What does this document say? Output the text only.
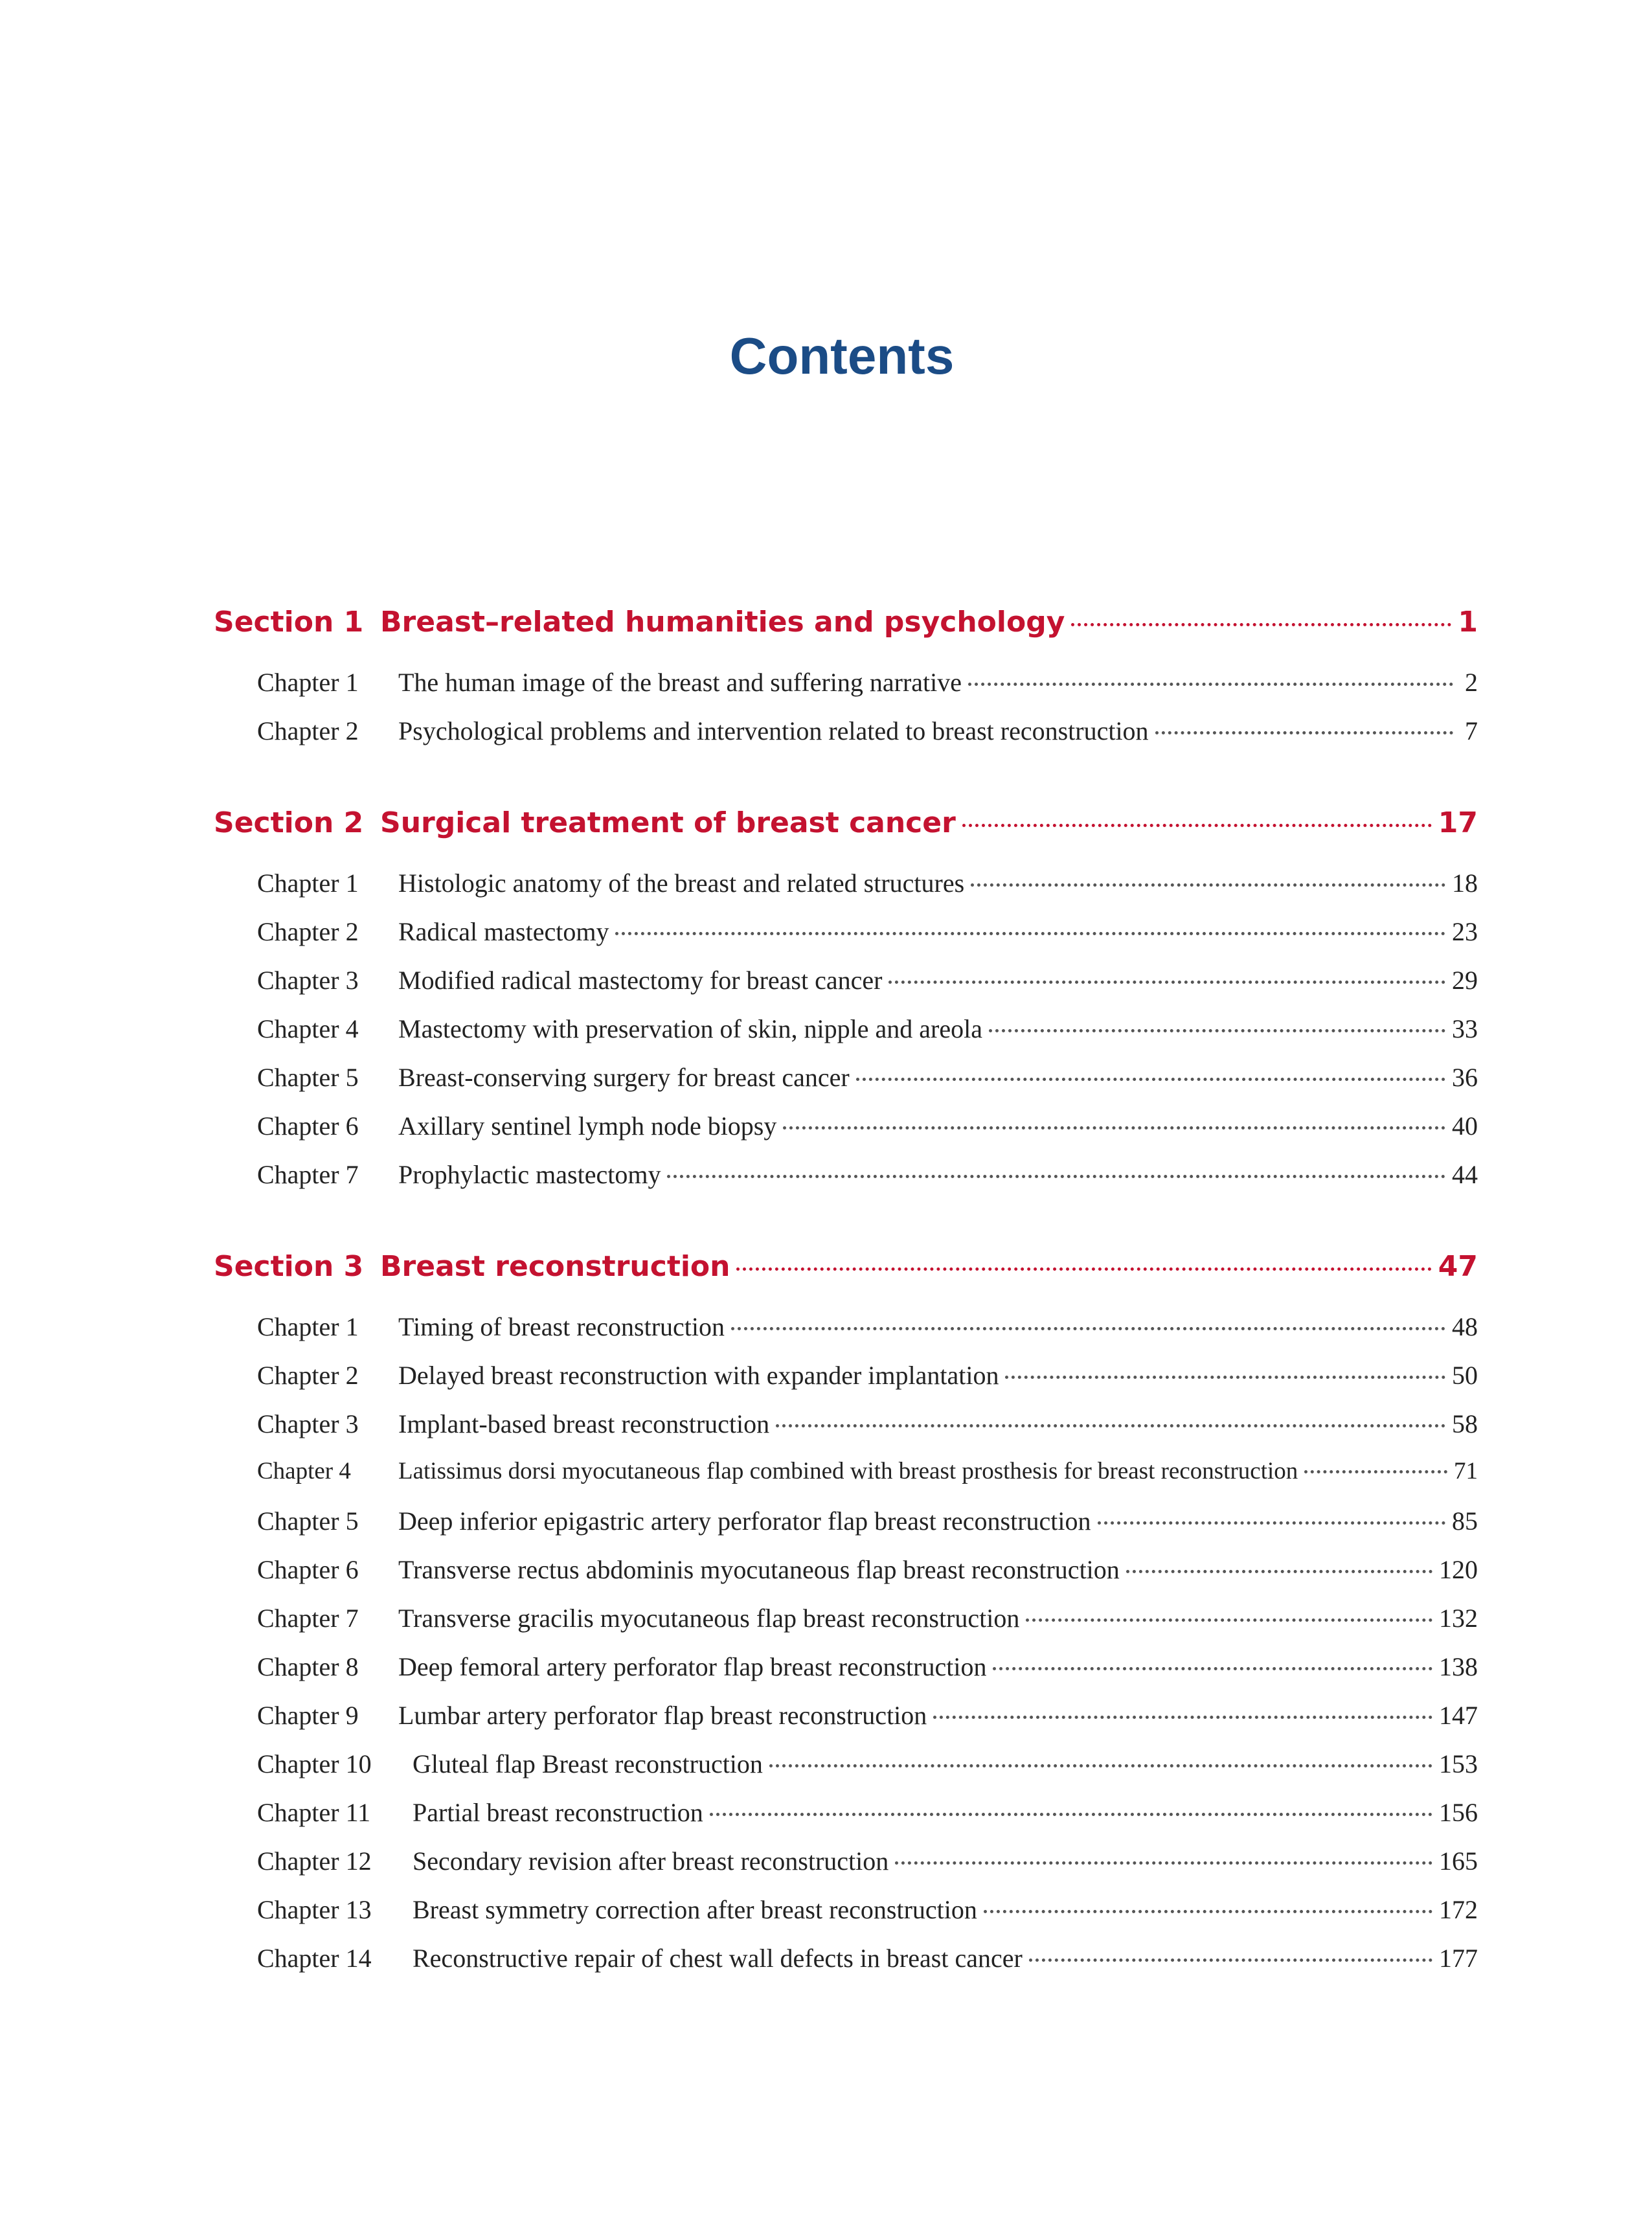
Contents
Section 1 Breast–related humanities and psychology	1
Chapter 1	The human image of the breast and suffering narrative	2
Chapter 2	Psychological problems and intervention related to breast reconstruction	7
Section 2 Surgical treatment of breast cancer	17
Chapter 1	Histologic anatomy of the breast and related structures	18
Chapter 2	Radical mastectomy	23
Chapter 3	Modified radical mastectomy for breast cancer	29
Chapter 4	Mastectomy with preservation of skin, nipple and areola	33
Chapter 5	Breast-conserving surgery for breast cancer	36
Chapter 6	Axillary sentinel lymph node biopsy	40
Chapter 7	Prophylactic mastectomy	44
Section 3 Breast reconstruction	47
Chapter 1	Timing of breast reconstruction	48
Chapter 2	Delayed breast reconstruction with expander implantation	50
Chapter 3	Implant-based breast reconstruction	58
Chapter 4	Latissimus dorsi myocutaneous flap combined with breast prosthesis for breast reconstruction	71
Chapter 5	Deep inferior epigastric artery perforator flap breast reconstruction	85
Chapter 6	Transverse rectus abdominis myocutaneous flap breast reconstruction	120
Chapter 7	Transverse gracilis myocutaneous flap breast reconstruction	132
Chapter 8	Deep femoral artery perforator flap breast reconstruction	138
Chapter 9	Lumbar artery perforator flap breast reconstruction	147
Chapter 10	Gluteal flap Breast reconstruction	153
Chapter 11	Partial breast reconstruction	156
Chapter 12	Secondary revision after breast reconstruction	165
Chapter 13	Breast symmetry correction after breast reconstruction	172
Chapter 14	Reconstructive repair of chest wall defects in breast cancer	177
